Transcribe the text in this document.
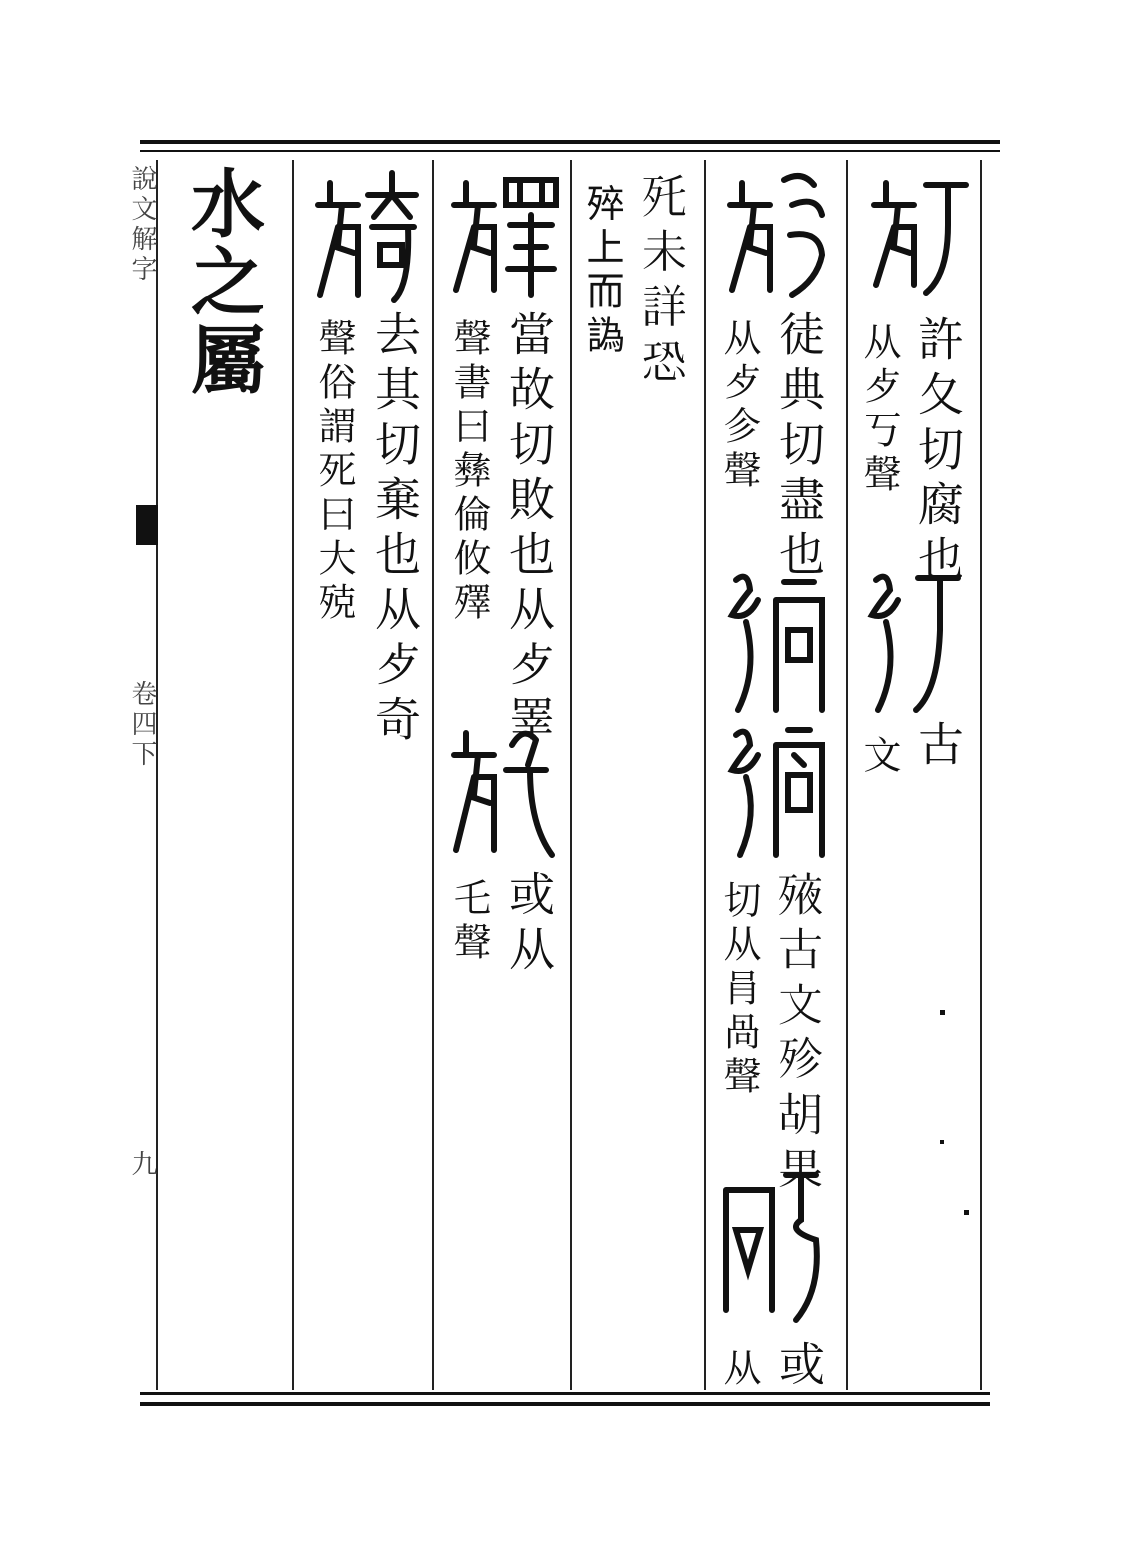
說文解字
卷四下
九
許夂切腐也
从歺丂聲
古
文
徒典切盡也
从歺㐱聲
𣨜古文殄胡果
切从肙咼聲
或
从
𣧃未詳恐
𣨛上而譌
當故切敗也从歺睪
聲書曰彝倫攸殬
或从
乇聲
去其切棄也从歺奇
聲俗謂死曰大殑
水之屬
